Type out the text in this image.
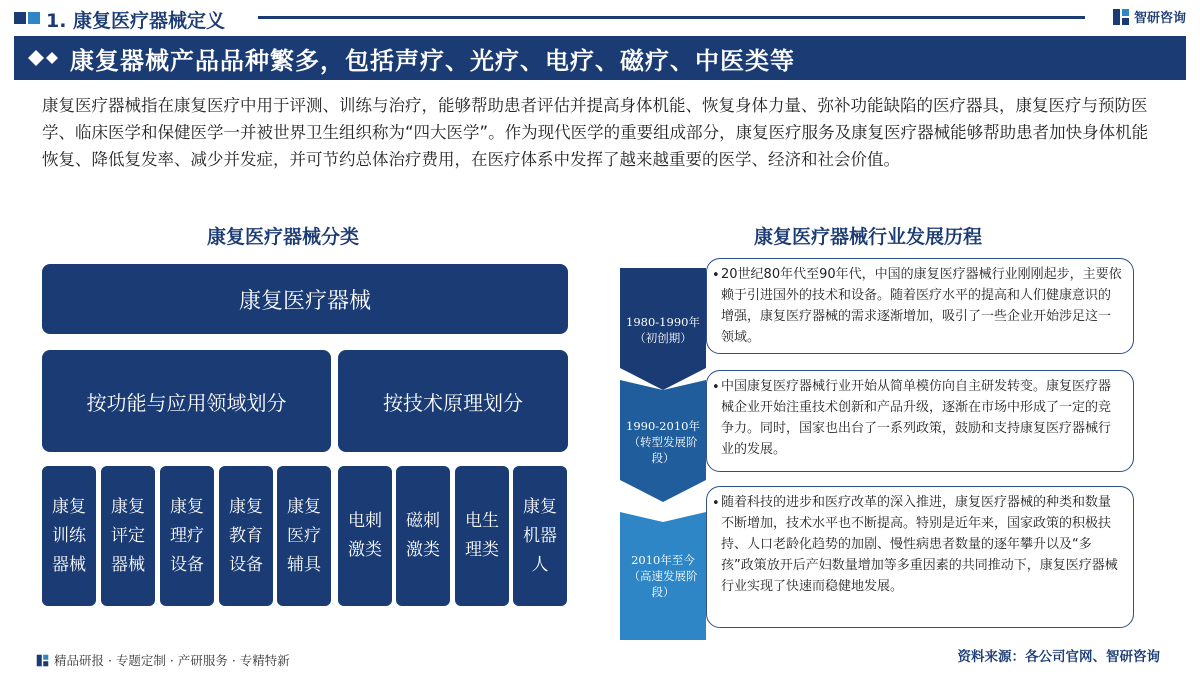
1. 康复医疗器械定义	智研咨询
康复器械产品品种繁多，包括声疗、光疗、电疗、磁疗、中医类等

康复医疗器械指在康复医疗中用于评测、训练与治疗，能够帮助患者评估并提高身体机能、恢复身体力量、弥补功能缺陷的医疗器具，康复医疗与预防医学、临床医学和保健医学一并被世界卫生组织称为“四大医学”。作为现代医学的重要组成部分，康复医疗服务及康复医疗器械能够帮助患者加快身体机能恢复、降低复发率、减少并发症，并可节约总体治疗费用，在医疗体系中发挥了越来越重要的医学、经济和社会价值。

康复医疗器械分类	康复医疗器械行业发展历程
康复医疗器械
按功能与应用领域划分	按技术原理划分
康复训练器械
康复评定器械
康复理疗设备
康复教育设备
康复医疗辅具
电刺激类
磁刺激类
电生理类
康复机器人
1980-1990年
（初创期）
• 20世纪80年代至90年代，中国的康复医疗器械行业刚刚起步，主要依赖于引进国外的技术和设备。随着医疗水平的提高和人们健康意识的增强，康复医疗器械的需求逐渐增加，吸引了一些企业开始涉足这一领域。
1990-2010年
（转型发展阶段）
• 中国康复医疗器械行业开始从简单模仿向自主研发转变。康复医疗器械企业开始注重技术创新和产品升级，逐渐在市场中形成了一定的竞争力。同时，国家也出台了一系列政策，鼓励和支持康复医疗器械行业的发展。
2010年至今
（高速发展阶段）
• 随着科技的进步和医疗改革的深入推进，康复医疗器械的种类和数量不断增加，技术水平也不断提高。特别是近年来，国家政策的积极扶持、人口老龄化趋势的加剧、慢性病患者数量的逐年攀升以及“多孩”政策放开后产妇数量增加等多重因素的共同推动下，康复医疗器械行业实现了快速而稳健地发展。
精品研报 · 专题定制 · 产研服务 · 专精特新	资料来源：各公司官网、智研咨询
